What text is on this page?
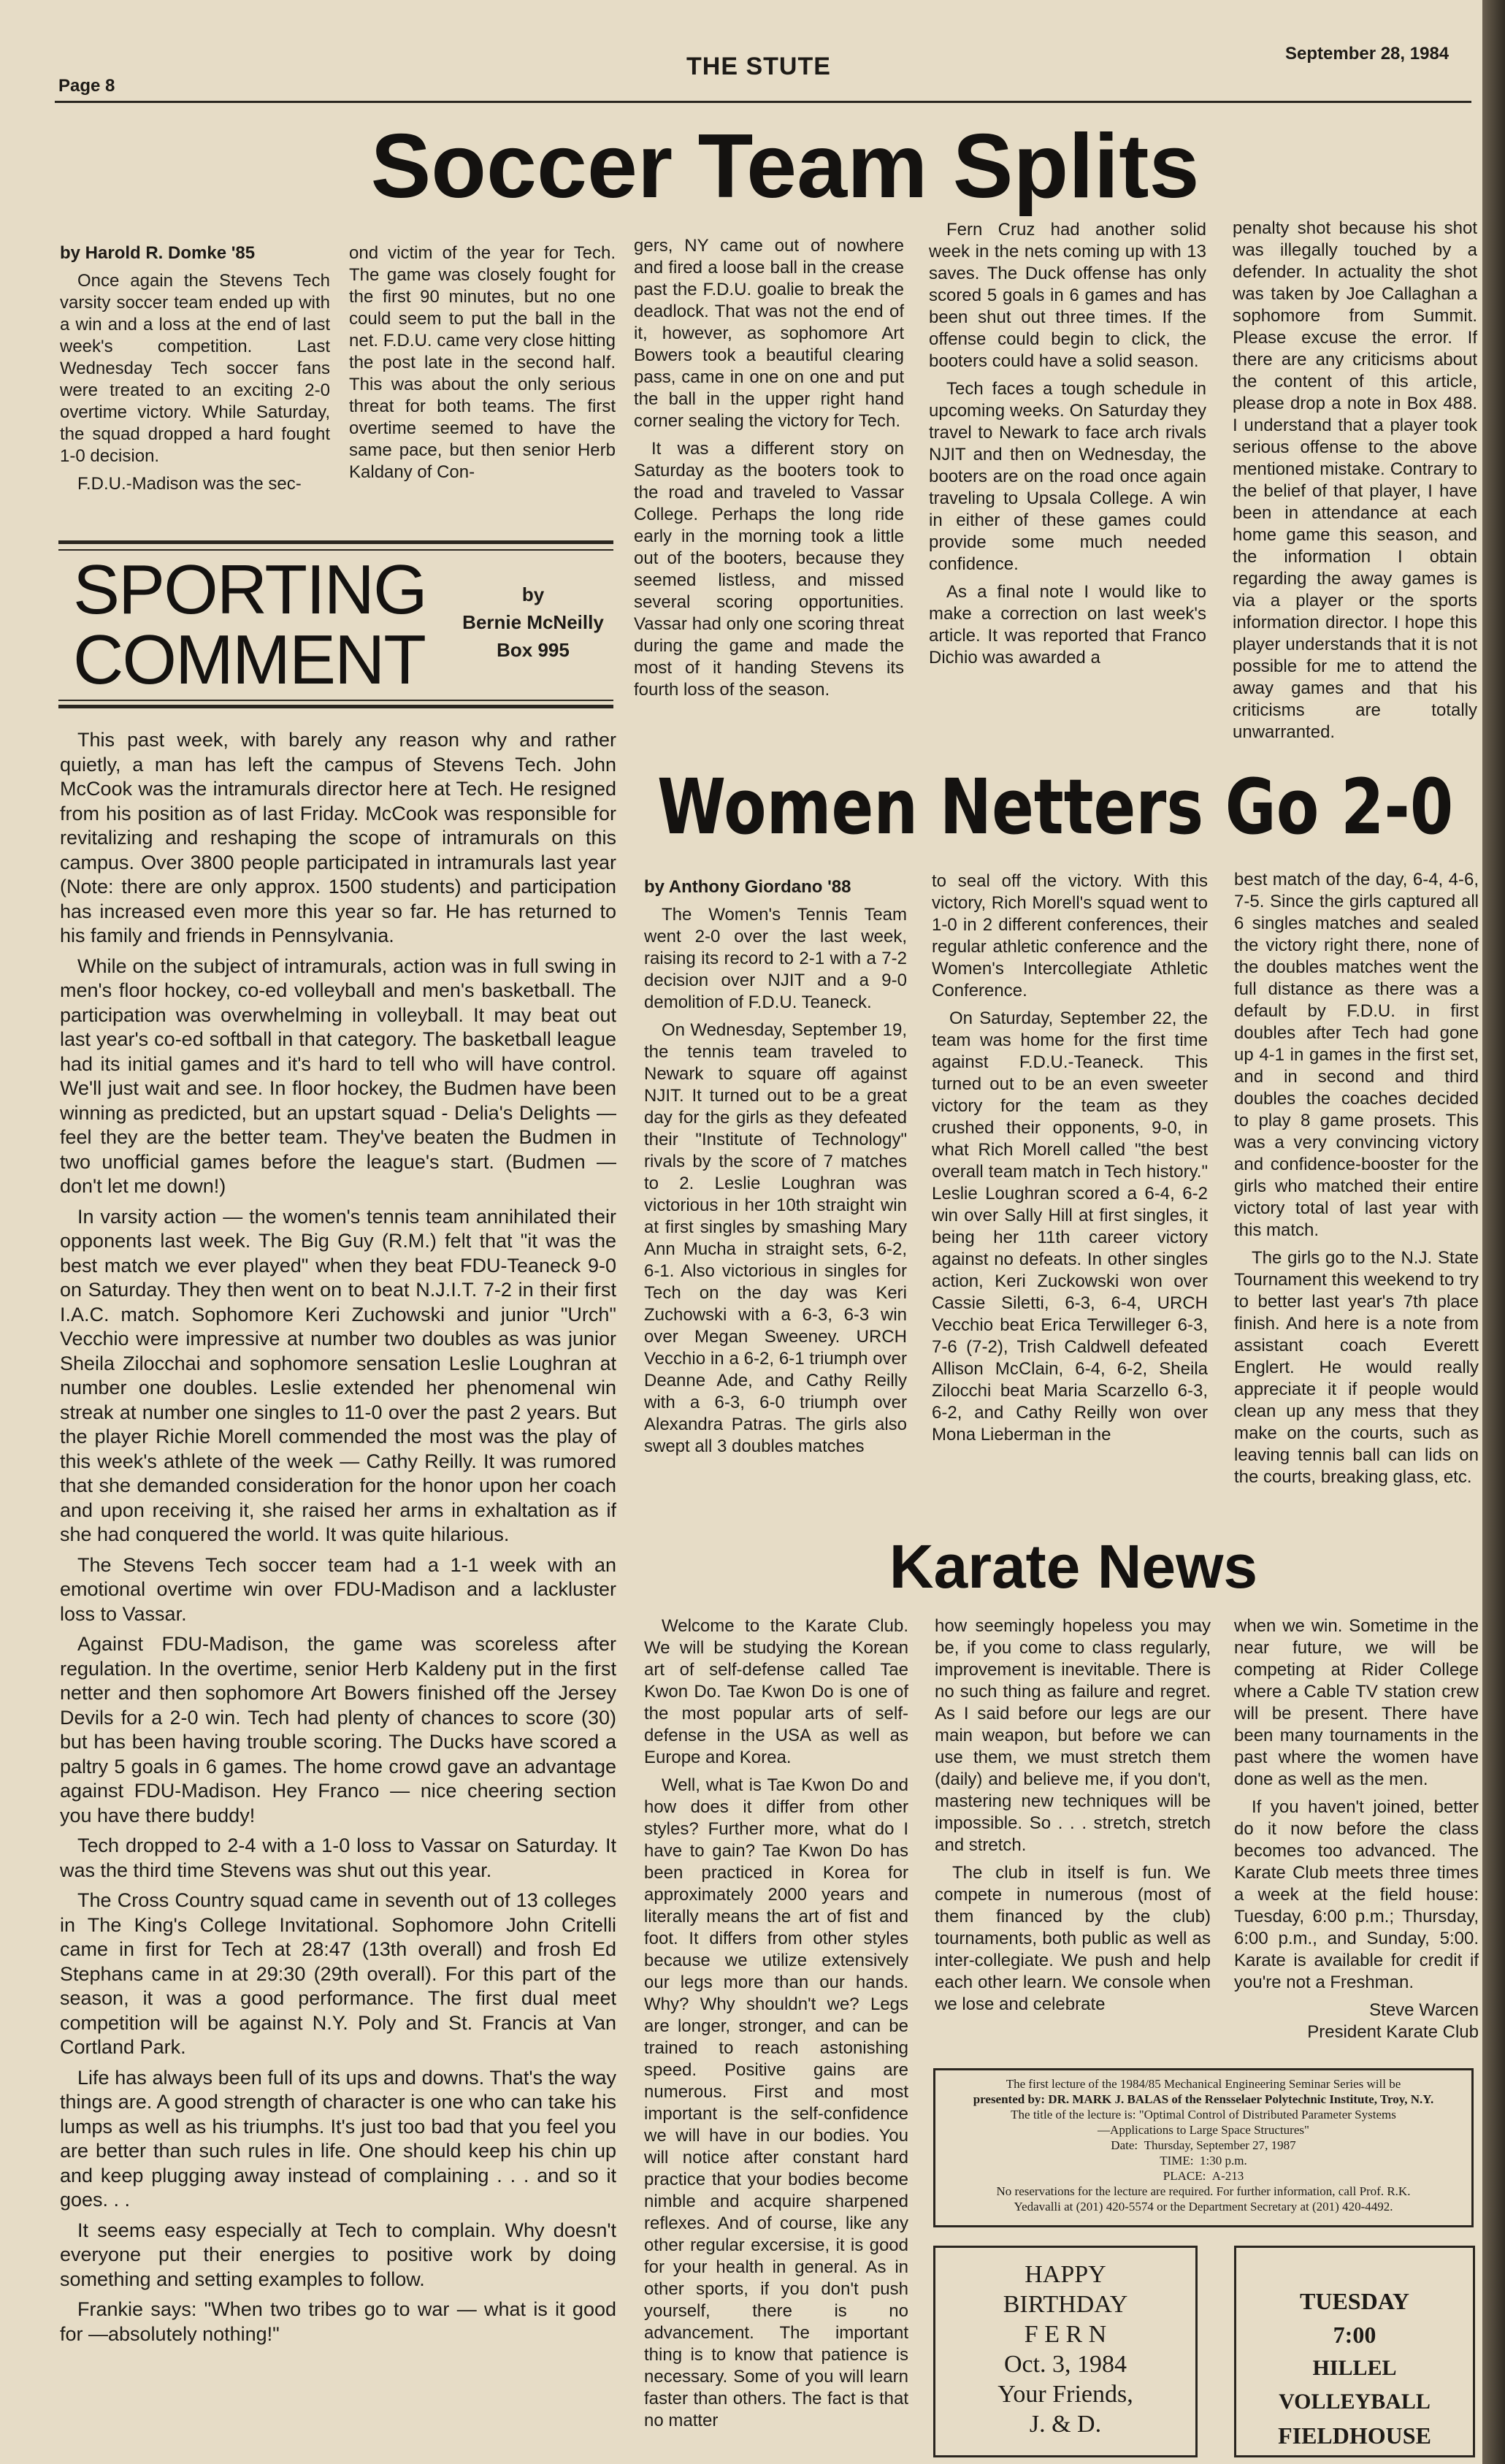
Page 8
THE STUTE	September 28, 1984
Soccer Team Splits

by Harold R. Domke '85

Once again the Stevens Tech varsity soccer team ended up with a win and a loss at the end of last week's competition. Last Wednesday Tech soccer fans were treated to an exciting 2-0 overtime victory. While Saturday, the squad dropped a hard fought 1-0 decision.

F.D.U.-Madison was the sec-

ond victim of the year for Tech. The game was closely fought for the first 90 minutes, but no one could seem to put the ball in the net. F.D.U. came very close hitting the post late in the second half. This was about the only serious threat for both teams. The first overtime seemed to have the same pace, but then senior Herb Kaldany of Con-

gers, NY came out of nowhere and fired a loose ball in the crease past the F.D.U. goalie to break the deadlock. That was not the end of it, however, as sophomore Art Bowers took a beautiful clearing pass, came in one on one and put the ball in the upper right hand corner sealing the victory for Tech.

It was a different story on Saturday as the booters took to the road and traveled to Vassar College. Perhaps the long ride early in the morning took a little out of the booters, because they seemed listless, and missed several scoring opportunities. Vassar had only one scoring threat during the game and made the most of it handing Stevens its fourth loss of the season.

Fern Cruz had another solid week in the nets coming up with 13 saves. The Duck offense has only scored 5 goals in 6 games and has been shut out three times. If the offense could begin to click, the booters could have a solid season.

Tech faces a tough schedule in upcoming weeks. On Saturday they travel to Newark to face arch rivals NJIT and then on Wednesday, the booters are on the road once again traveling to Upsala College. A win in either of these games could provide some much needed confidence.

As a final note I would like to make a correction on last week's article. It was reported that Franco Dichio was awarded a

penalty shot because his shot was illegally touched by a defender. In actuality the shot was taken by Joe Callaghan a sophomore from Summit. Please excuse the error. If there are any criticisms about the content of this article, please drop a note in Box 488. I understand that a player took serious offense to the above mentioned mistake. Contrary to the belief of that player, I have been in attendance at each home game this season, and the information I obtain regarding the away games is via a player or the sports information director. I hope this player understands that it is not possible for me to attend the away games and that his criticisms are totally unwarranted.

SPORTING
COMMENT
by
Bernie McNeilly
Box 995

This past week, with barely any reason why and rather quietly, a man has left the campus of Stevens Tech. John McCook was the intramurals director here at Tech. He resigned from his position as of last Friday. McCook was responsible for revitalizing and reshaping the scope of intramurals on this campus. Over 3800 people participated in intramurals last year (Note: there are only approx. 1500 students) and participation has increased even more this year so far. He has returned to his family and friends in Pennsylvania.

While on the subject of intramurals, action was in full swing in men's floor hockey, co-ed volleyball and men's basketball. The participation was overwhelming in volleyball. It may beat out last year's co-ed softball in that category. The basketball league had its initial games and it's hard to tell who will have control. We'll just wait and see. In floor hockey, the Budmen have been winning as predicted, but an upstart squad - Delia's Delights — feel they are the better team. They've beaten the Budmen in two unofficial games before the league's start. (Budmen — don't let me down!)

In varsity action — the women's tennis team annihilated their opponents last week. The Big Guy (R.M.) felt that "it was the best match we ever played" when they beat FDU-Teaneck 9-0 on Saturday. They then went on to beat N.J.I.T. 7-2 in their first I.A.C. match. Sophomore Keri Zuchowski and junior "Urch" Vecchio were impressive at number two doubles as was junior Sheila Zilocchai and sophomore sensation Leslie Loughran at number one doubles. Leslie extended her phenomenal win streak at number one singles to 11-0 over the past 2 years. But the player Richie Morell commended the most was the play of this week's athlete of the week — Cathy Reilly. It was rumored that she demanded consideration for the honor upon her coach and upon receiving it, she raised her arms in exhaltation as if she had conquered the world. It was quite hilarious.

The Stevens Tech soccer team had a 1-1 week with an emotional overtime win over FDU-Madison and a lackluster loss to Vassar.

Against FDU-Madison, the game was scoreless after regulation. In the overtime, senior Herb Kaldeny put in the first netter and then sophomore Art Bowers finished off the Jersey Devils for a 2-0 win. Tech had plenty of chances to score (30) but has been having trouble scoring. The Ducks have scored a paltry 5 goals in 6 games. The home crowd gave an advantage against FDU-Madison. Hey Franco — nice cheering section you have there buddy!

Tech dropped to 2-4 with a 1-0 loss to Vassar on Saturday. It was the third time Stevens was shut out this year.

The Cross Country squad came in seventh out of 13 colleges in The King's College Invitational. Sophomore John Critelli came in first for Tech at 28:47 (13th overall) and frosh Ed Stephans came in at 29:30 (29th overall). For this part of the season, it was a good performance. The first dual meet competition will be against N.Y. Poly and St. Francis at Van Cortland Park.

Life has always been full of its ups and downs. That's the way things are. A good strength of character is one who can take his lumps as well as his triumphs. It's just too bad that you feel you are better than such rules in life. One should keep his chin up and keep plugging away instead of complaining . . . and so it goes. . .

It seems easy especially at Tech to complain. Why doesn't everyone put their energies to positive work by doing something and setting examples to follow.

Frankie says: "When two tribes go to war — what is it good for —absolutely nothing!"

Women Netters Go 2-0

by Anthony Giordano '88

The Women's Tennis Team went 2-0 over the last week, raising its record to 2-1 with a 7-2 decision over NJIT and a 9-0 demolition of F.D.U. Teaneck.

On Wednesday, September 19, the tennis team traveled to Newark to square off against NJIT. It turned out to be a great day for the girls as they defeated their "Institute of Technology" rivals by the score of 7 matches to 2. Leslie Loughran was victorious in her 10th straight win at first singles by smashing Mary Ann Mucha in straight sets, 6-2, 6-1. Also victorious in singles for Tech on the day was Keri Zuchowski with a 6-3, 6-3 win over Megan Sweeney. URCH Vecchio in a 6-2, 6-1 triumph over Deanne Ade, and Cathy Reilly with a 6-3, 6-0 triumph over Alexandra Patras. The girls also swept all 3 doubles matches

to seal off the victory. With this victory, Rich Morell's squad went to 1-0 in 2 different conferences, their regular athletic conference and the Women's Intercollegiate Athletic Conference.

On Saturday, September 22, the team was home for the first time against F.D.U.-Teaneck. This turned out to be an even sweeter victory for the team as they crushed their opponents, 9-0, in what Rich Morell called "the best overall team match in Tech history." Leslie Loughran scored a 6-4, 6-2 win over Sally Hill at first singles, it being her 11th career victory against no defeats. In other singles action, Keri Zuckowski won over Cassie Siletti, 6-3, 6-4, URCH Vecchio beat Erica Terwilleger 6-3, 7-6 (7-2), Trish Caldwell defeated Allison McClain, 6-4, 6-2, Sheila Zilocchi beat Maria Scarzello 6-3, 6-2, and Cathy Reilly won over Mona Lieberman in the

best match of the day, 6-4, 4-6, 7-5. Since the girls captured all 6 singles matches and sealed the victory right there, none of the doubles matches went the full distance as there was a default by F.D.U. in first doubles after Tech had gone up 4-1 in games in the first set, and in second and third doubles the coaches decided to play 8 game prosets. This was a very convincing victory and confidence-booster for the girls who matched their entire victory total of last year with this match.

The girls go to the N.J. State Tournament this weekend to try to better last year's 7th place finish. And here is a note from assistant coach Everett Englert. He would really appreciate it if people would clean up any mess that they make on the courts, such as leaving tennis ball can lids on the courts, breaking glass, etc.

Karate News

Welcome to the Karate Club. We will be studying the Korean art of self-defense called Tae Kwon Do. Tae Kwon Do is one of the most popular arts of self-defense in the USA as well as Europe and Korea.

Well, what is Tae Kwon Do and how does it differ from other styles? Further more, what do I have to gain? Tae Kwon Do has been practiced in Korea for approximately 2000 years and literally means the art of fist and foot. It differs from other styles because we utilize extensively our legs more than our hands. Why? Why shouldn't we? Legs are longer, stronger, and can be trained to reach astonishing speed. Positive gains are numerous. First and most important is the self-confidence we will have in our bodies. You will notice after constant hard practice that your bodies become nimble and acquire sharpened reflexes. And of course, like any other regular excersise, it is good for your health in general. As in other sports, if you don't push yourself, there is no advancement. The important thing is to know that patience is necessary. Some of you will learn faster than others. The fact is that no matter

how seemingly hopeless you may be, if you come to class regularly, improvement is inevitable. There is no such thing as failure and regret. As I said before our legs are our main weapon, but before we can use them, we must stretch them (daily) and believe me, if you don't, mastering new techniques will be impossible. So . . . stretch, stretch and stretch.

The club in itself is fun. We compete in numerous (most of them financed by the club) tournaments, both public as well as inter-collegiate. We push and help each other learn. We console when we lose and celebrate

when we win. Sometime in the near future, we will be competing at Rider College where a Cable TV station crew will be present. There have been many tournaments in the past where the women have done as well as the men.

If you haven't joined, better do it now before the class becomes too advanced. The Karate Club meets three times a week at the field house: Tuesday, 6:00 p.m.; Thursday, 6:00 p.m., and Sunday, 5:00. Karate is available for credit if you're not a Freshman.

Steve Warcen
President Karate Club
The first lecture of the 1984/85 Mechanical Engineering Seminar Series will be
presented by: DR. MARK J. BALAS of the Rensselaer Polytechnic Institute, Troy, N.Y.
The title of the lecture is: "Optimal Control of Distributed Parameter Systems
—Applications to Large Space Structures"
Date: Thursday, September 27, 1987
TIME: 1:30 p.m.
PLACE: A-213
No reservations for the lecture are required. For further information, call Prof. R.K.
Yedavalli at (201) 420-5574 or the Department Secretary at (201) 420-4492.
HAPPY
BIRTHDAY
F E R N
Oct. 3, 1984
Your Friends,
J. & D.
TUESDAY
7:00
HILLEL VOLLEYBALL
FIELDHOUSE
